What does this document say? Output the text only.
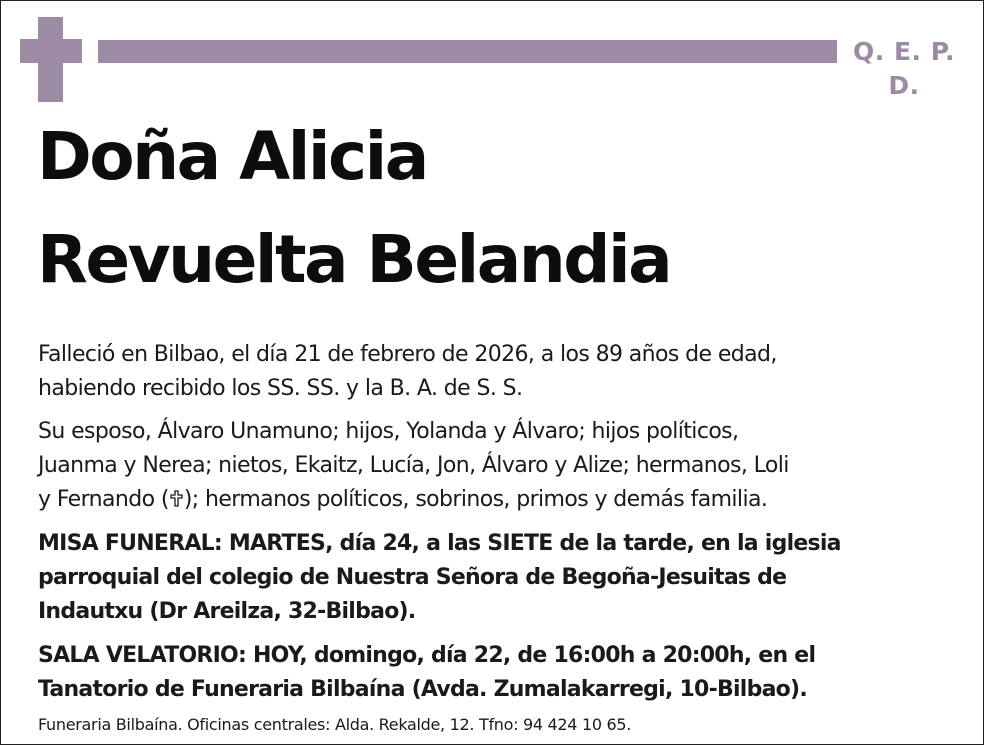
Q. E. P. D.
Doña Alicia
Revuelta Belandia
Falleció en Bilbao, el día 21 de febrero de 2026, a los 89 años de edad,
habiendo recibido los SS. SS. y la B. A. de S. S.
Su esposo, Álvaro Unamuno; hijos, Yolanda y Álvaro; hijos políticos,
Juanma y Nerea; nietos, Ekaitz, Lucía, Jon, Álvaro y Alize; hermanos, Loli
y Fernando ( ); hermanos políticos, sobrinos, primos y demás familia.
MISA FUNERAL: MARTES, día 24, a las SIETE de la tarde, en la iglesia
parroquial del colegio de Nuestra Señora de Begoña-Jesuitas de
Indautxu (Dr Areilza, 32-Bilbao).
SALA VELATORIO: HOY, domingo, día 22, de 16:00h a 20:00h, en el
Tanatorio de Funeraria Bilbaína (Avda. Zumalakarregi, 10-Bilbao).
Funeraria Bilbaína. Oficinas centrales: Alda. Rekalde, 12. Tfno: 94 424 10 65.
